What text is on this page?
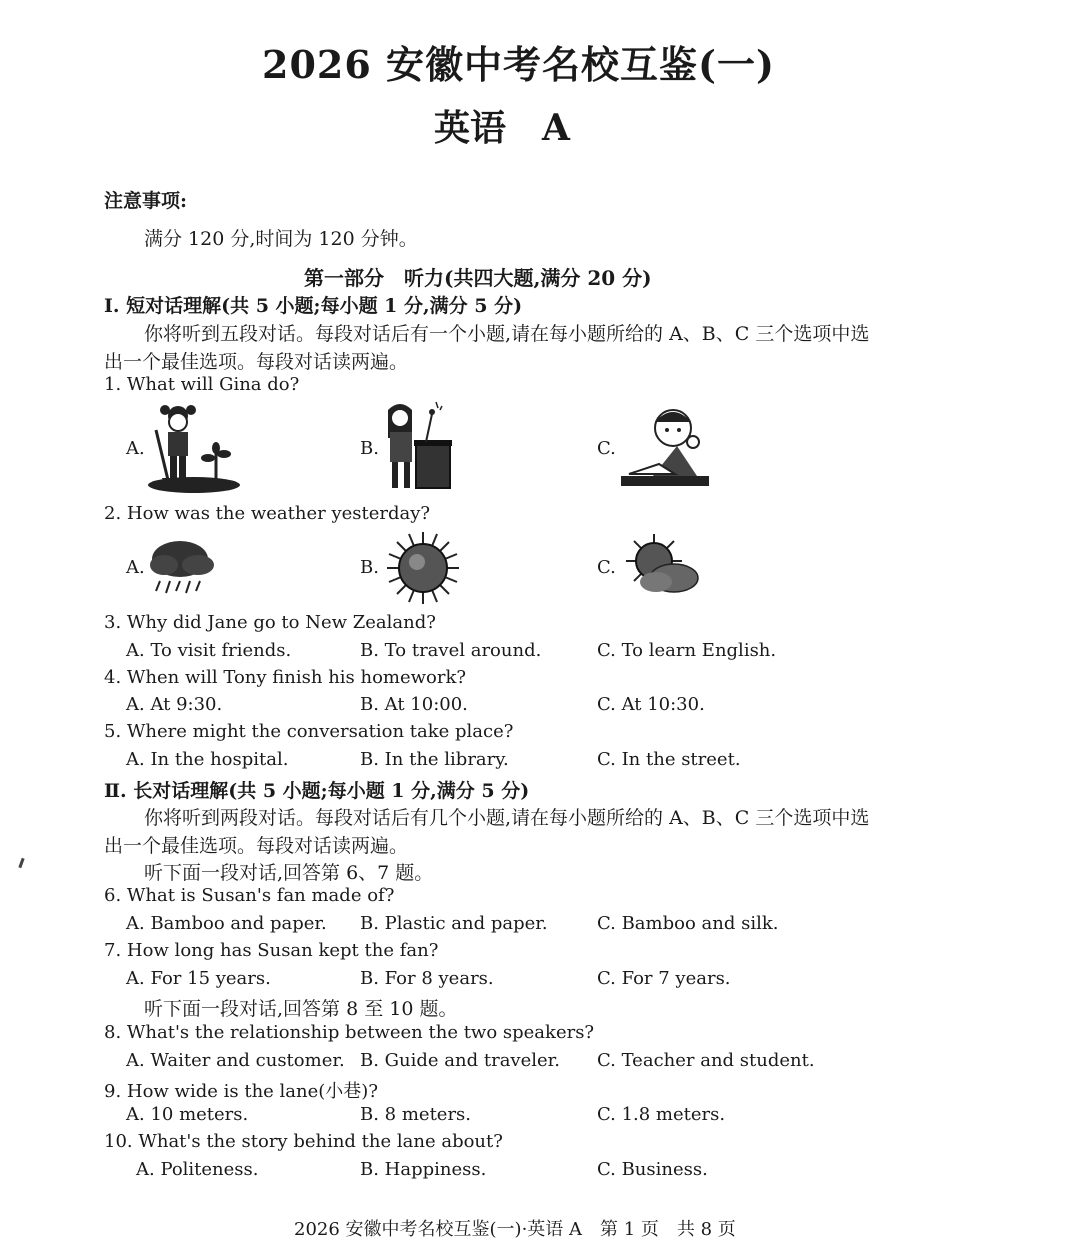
2026 安徽中考名校互鉴(一)
英语　A
注意事项:
满分 120 分,时间为 120 分钟。
第一部分　听力(共四大题,满分 20 分)
Ⅰ. 短对话理解(共 5 小题;每小题 1 分,满分 5 分)
你将听到五段对话。每段对话后有一个小题,请在每小题所给的 A、B、C 三个选项中选
出一个最佳选项。每段对话读两遍。
1. What will Gina do?
A.	B.	C.
2. How was the weather yesterday?
A.	B.	C.
3. Why did Jane go to New Zealand?
A. To visit friends.	B. To travel around.	C. To learn English.
4. When will Tony finish his homework?
A. At 9:30.	B. At 10:00.	C. At 10:30.
5. Where might the conversation take place?
A. In the hospital.	B. In the library.	C. In the street.
Ⅱ. 长对话理解(共 5 小题;每小题 1 分,满分 5 分)
你将听到两段对话。每段对话后有几个小题,请在每小题所给的 A、B、C 三个选项中选
出一个最佳选项。每段对话读两遍。
听下面一段对话,回答第 6、7 题。
6. What is Susan's fan made of?
A. Bamboo and paper. B. Plastic and paper.	C. Bamboo and silk.
7. How long has Susan kept the fan?
A. For 15 years.	B. For 8 years.	C. For 7 years.
听下面一段对话,回答第 8 至 10 题。
8. What's the relationship between the two speakers?
A. Waiter and customer. B. Guide and traveler. C. Teacher and student.
9. How wide is the lane(小巷)?
A. 10 meters.	B. 8 meters.	C. 1.8 meters.
10. What's the story behind the lane about?
A. Politeness.	B. Happiness.	C. Business.
2026 安徽中考名校互鉴(一)·英语 A　第 1 页　共 8 页
